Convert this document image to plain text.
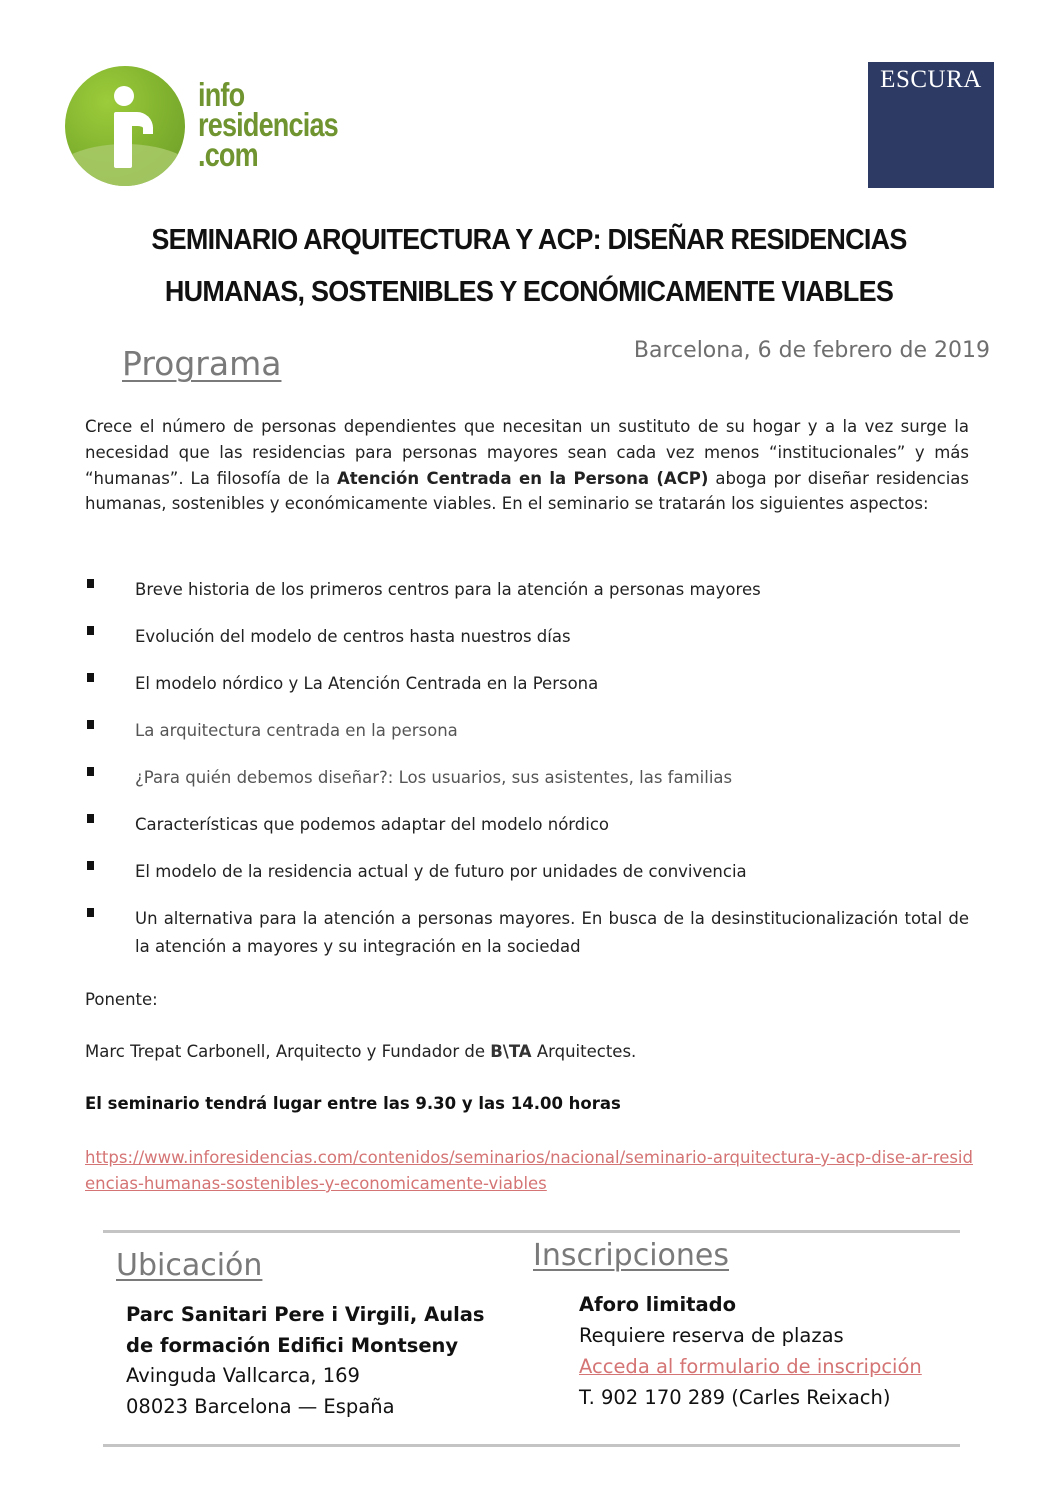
info
residencias
.com
ESCURA
SEMINARIO ARQUITECTURA Y ACP: DISEÑAR RESIDENCIAS
HUMANAS, SOSTENIBLES Y ECONÓMICAMENTE VIABLES
Programa	Barcelona, 6 de febrero de 2019
Crece el número de personas dependientes que necesitan un sustituto de su hogar y a la vez surge la necesidad que las residencias para personas mayores sean cada vez menos “institucionales” y más “humanas”. La filosofía de la Atención Centrada en la Persona (ACP) aboga por diseñar residencias humanas, sostenibles y económicamente viables. En el seminario se tratarán los siguientes aspectos:
Breve historia de los primeros centros para la atención a personas mayores
Evolución del modelo de centros hasta nuestros días
El modelo nórdico y La Atención Centrada en la Persona
La arquitectura centrada en la persona
¿Para quién debemos diseñar?: Los usuarios, sus asistentes, las familias
Características que podemos adaptar del modelo nórdico
El modelo de la residencia actual y de futuro por unidades de convivencia
Un alternativa para la atención a personas mayores. En busca de la desinstitucionalización total de la atención a mayores y su integración en la sociedad
Ponente:
Marc Trepat Carbonell, Arquitecto y Fundador de B\TA Arquitectes.
El seminario tendrá lugar entre las 9.30 y las 14.00 horas
https://www.inforesidencias.com/contenidos/seminarios/nacional/seminario-arquitectura-y-acp-dise-ar-residencias-humanas-sostenibles-y-economicamente-viables
Ubicación
Parc Sanitari Pere i Virgili, Aulas
de formación Edifici Montseny
Avinguda Vallcarca, 169
08023 Barcelona — España
Inscripciones
Aforo limitado
Requiere reserva de plazas
Acceda al formulario de inscripción
T. 902 170 289 (Carles Reixach)
